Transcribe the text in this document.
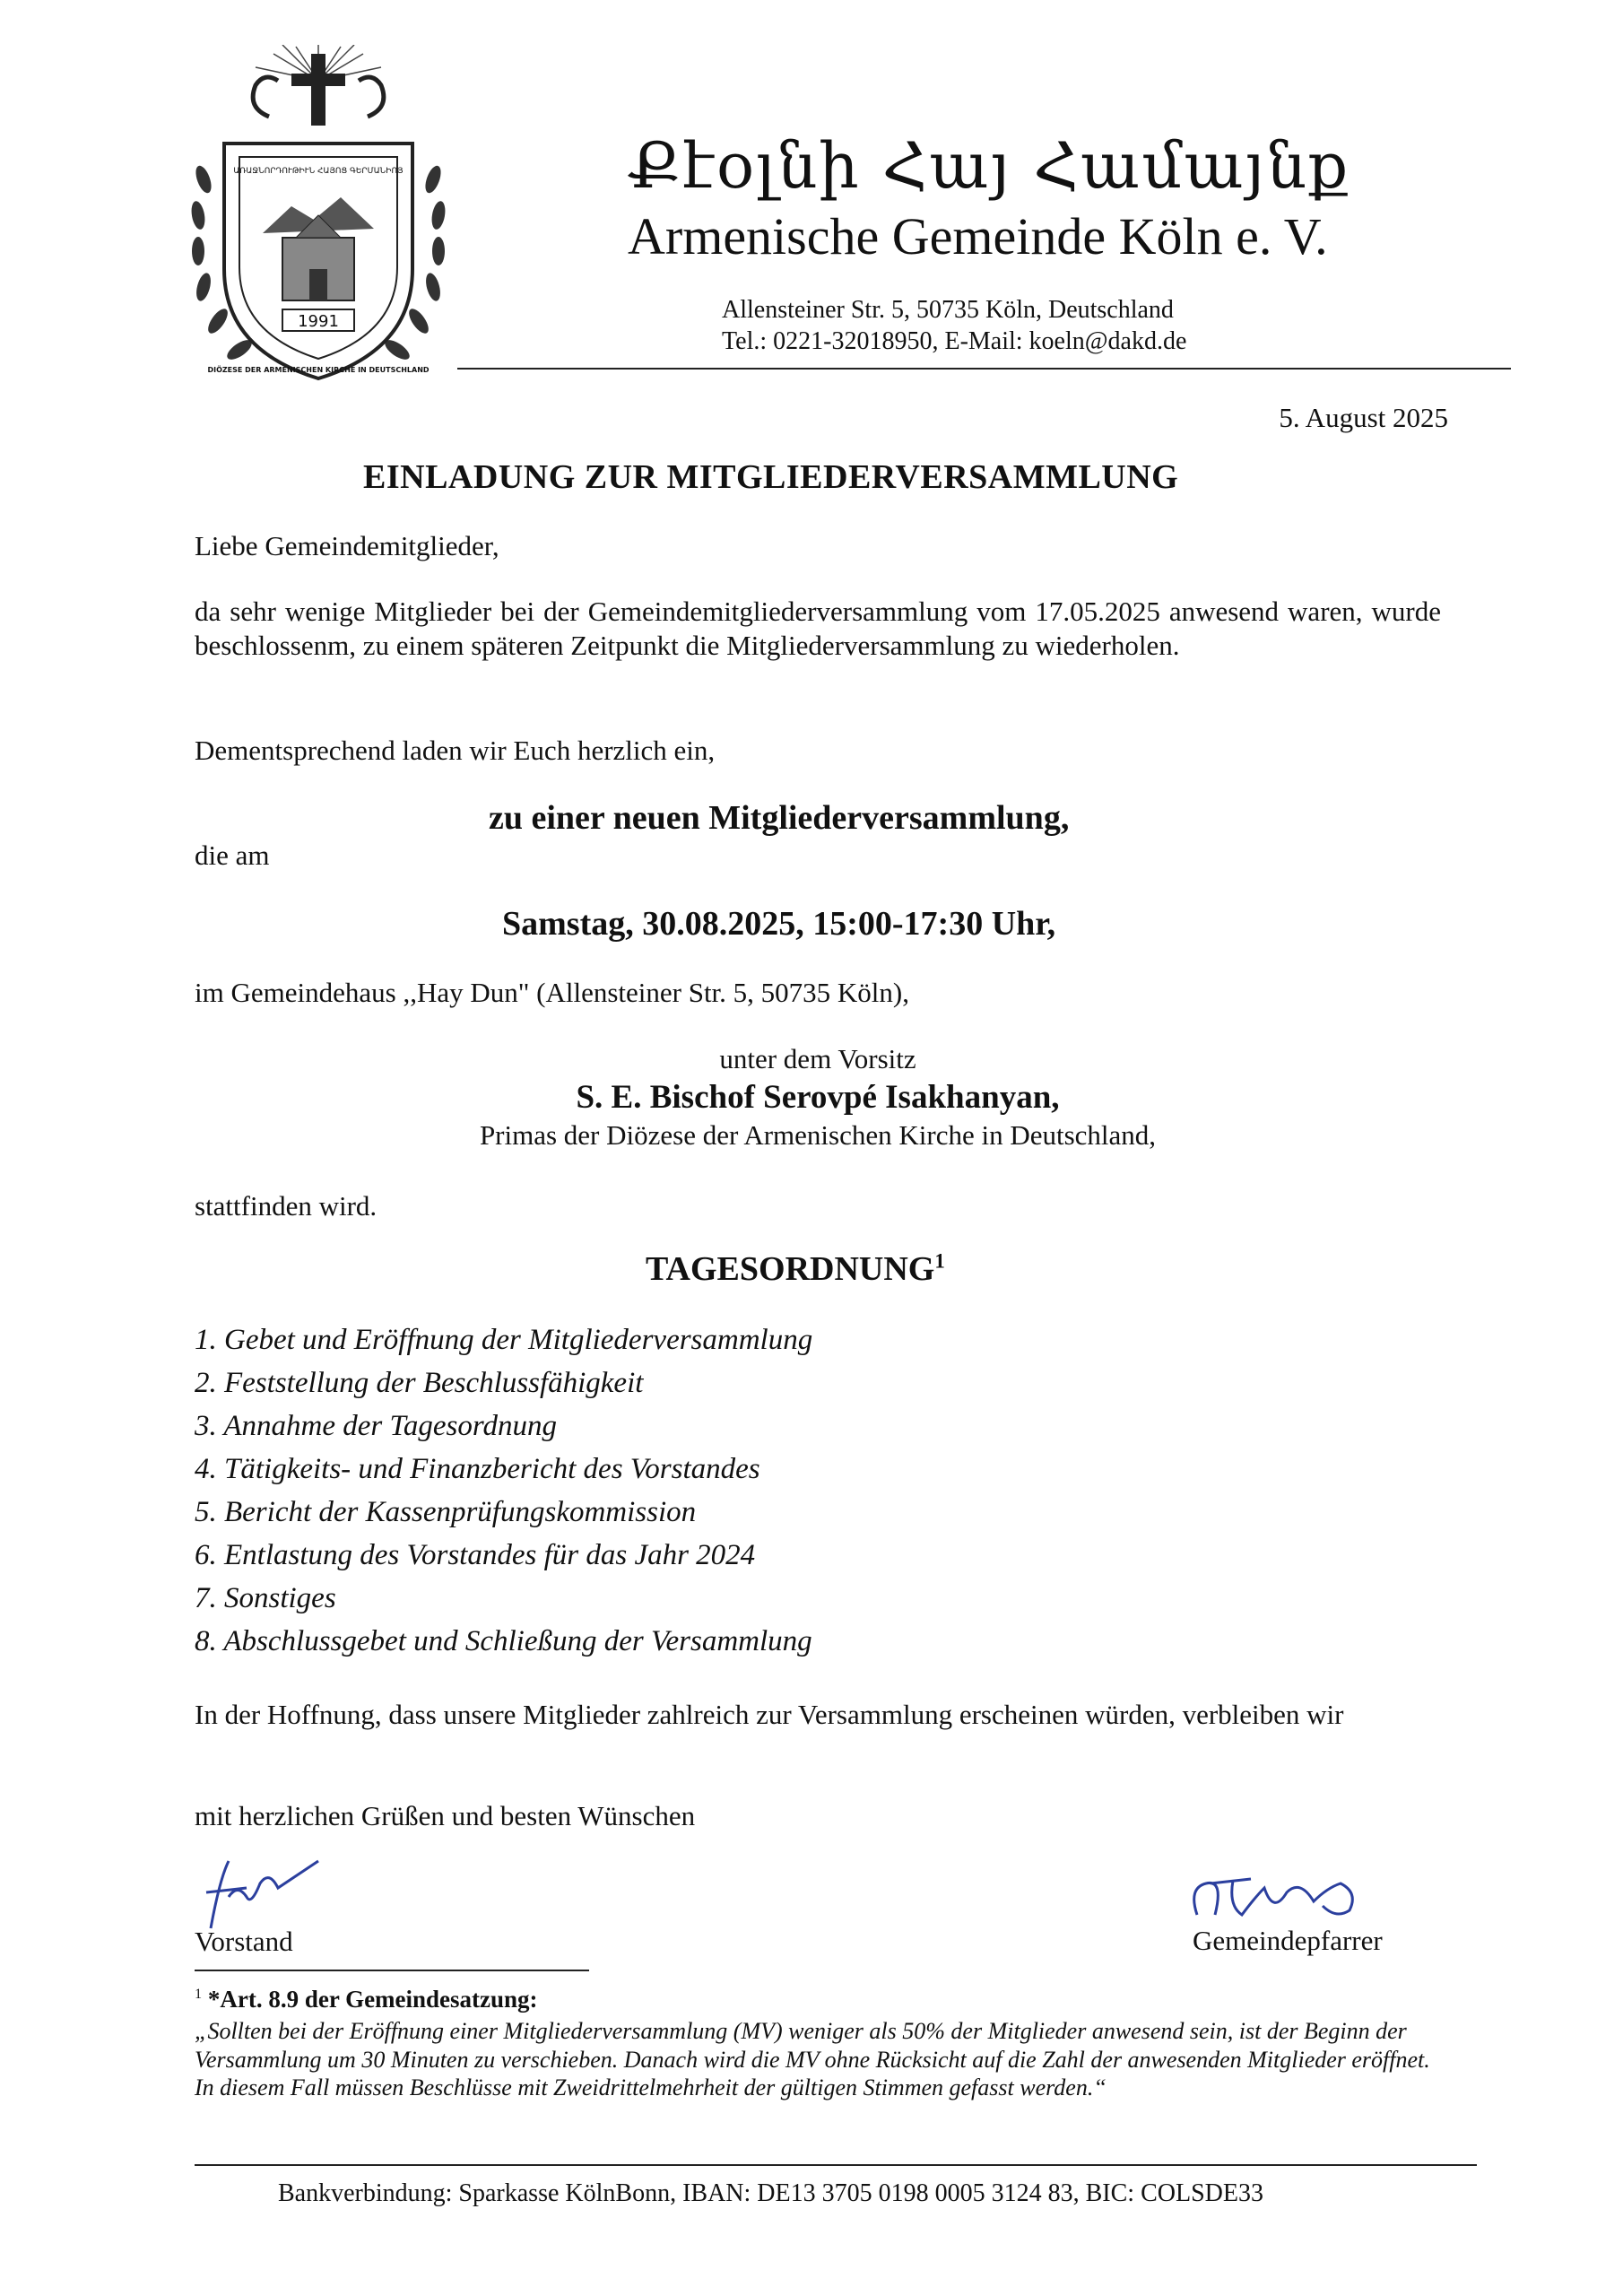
1991
ԱՌԱՋՆՈՐԴՈՒԹԻՒՆ ՀԱՅՈՑ ԳԵՐՄԱՆԻՈՅ
DIÖZESE DER ARMENISCHEN KIRCHE IN DEUTSCHLAND
Քէօլնի Հայ Համայնք
Armenische Gemeinde Köln e. V.
Allensteiner Str. 5, 50735 Köln, Deutschland
Tel.: 0221-32018950, E-Mail: koeln@dakd.de
5. August 2025
EINLADUNG ZUR MITGLIEDERVERSAMMLUNG
Liebe Gemeindemitglieder,
da sehr wenige Mitglieder bei der Gemeindemitgliederversammlung vom 17.05.2025 anwesend waren, wurde beschlossenm, zu einem späteren Zeitpunkt die Mitgliederversammlung zu wiederholen.
Dementsprechend laden wir Euch herzlich ein,
zu einer neuen Mitgliederversammlung,
die am
Samstag, 30.08.2025, 15:00-17:30 Uhr,
im Gemeindehaus ,,Hay Dun" (Allensteiner Str. 5, 50735 Köln),
unter dem Vorsitz
S. E. Bischof Serovpé Isakhanyan,
Primas der Diözese der Armenischen Kirche in Deutschland,
stattfinden wird.
TAGESORDNUNG$^1$
1. Gebet und Eröffnung der Mitgliederversammlung
2. Feststellung der Beschlussfähigkeit
3. Annahme der Tagesordnung
4. Tätigkeits- und Finanzbericht des Vorstandes
5. Bericht der Kassenprüfungskommission
6. Entlastung des Vorstandes für das Jahr 2024
7. Sonstiges
8. Abschlussgebet und Schließung der Versammlung
In der Hoffnung, dass unsere Mitglieder zahlreich zur Versammlung erscheinen würden, verbleiben wir
mit herzlichen Grüßen und besten Wünschen
Vorstand	Gemeindepfarrer
$^1$ *Art. 8.9 der Gemeindesatzung:
„Sollten bei der Eröffnung einer Mitgliederversammlung (MV) weniger als 50% der Mitglieder anwesend sein, ist der Beginn der Versammlung um 30 Minuten zu verschieben. Danach wird die MV ohne Rücksicht auf die Zahl der anwesenden Mitglieder eröffnet. In diesem Fall müssen Beschlüsse mit Zweidrittelmehrheit der gültigen Stimmen gefasst werden.“
Bankverbindung: Sparkasse KölnBonn, IBAN: DE13 3705 0198 0005 3124 83, BIC: COLSDE33
